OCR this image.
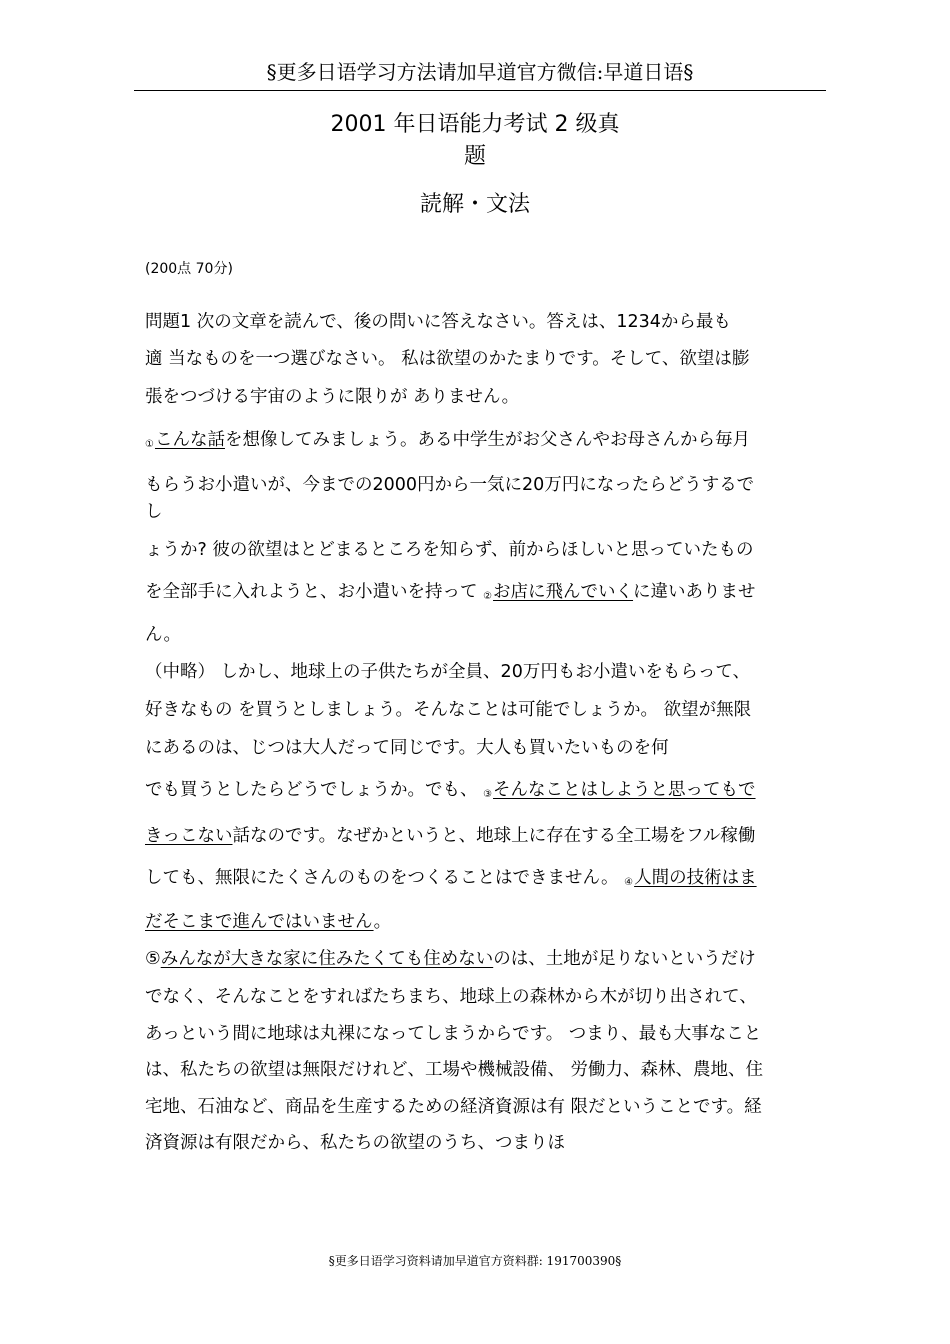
§更多日语学习方法请加早道官方微信:早道日语§
2001 年日语能力考试 2 级真
题
読解・文法
(200点 70分)
問題1 次の文章を読んで、後の問いに答えなさい。答えは、1234から最も
適 当なものを一つ選びなさい。 私は欲望のかたまりです。そして、欲望は膨
張をつづける宇宙のように限りが ありません。
①こんな話を想像してみましょう。ある中学生がお父さんやお母さんから毎月
もらうお小遣いが、今までの2000円から一気に20万円になったらどうするで
し
ょうか? 彼の欲望はとどまるところを知らず、前からほしいと思っていたもの
を全部手に入れようと、お小遣いを持って ②お店に飛んでいくに違いありませ
ん。
（中略） しかし、地球上の子供たちが全員、20万円もお小遣いをもらって、
好きなもの を買うとしましょう。そんなことは可能でしょうか。 欲望が無限
にあるのは、じつは大人だって同じです。大人も買いたいものを何
でも買うとしたらどうでしょうか。でも、 ③そんなことはしようと思ってもで
きっこない話なのです。なぜかというと、地球上に存在する全工場をフル稼働
しても、無限にたくさんのものをつくることはできません。 ④人間の技術はま
だそこまで進んではいません。
⑤みんなが大きな家に住みたくても住めないのは、土地が足りないというだけ
でなく、そんなことをすればたちまち、地球上の森林から木が切り出されて、
あっという間に地球は丸裸になってしまうからです。 つまり、最も大事なこと
は、私たちの欲望は無限だけれど、工場や機械設備、 労働力、森林、農地、住
宅地、石油など、商品を生産するための経済資源は有 限だということです。経
済資源は有限だから、私たちの欲望のうち、つまりほ
§更多日语学习资料请加早道官方资料群: 191700390§
